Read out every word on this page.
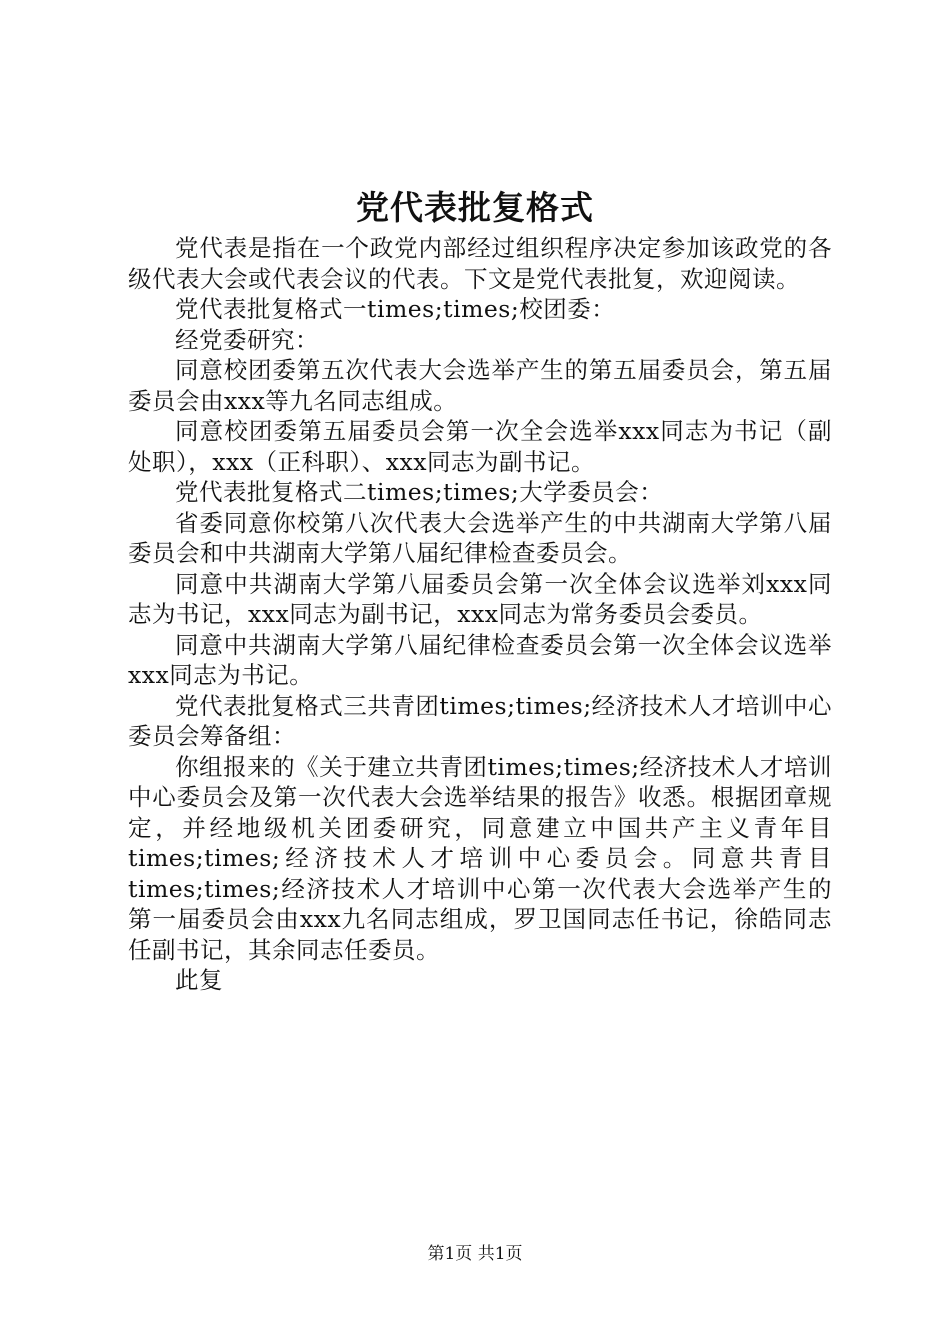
党代表批复格式

党代表是指在一个政党内部经过组织程序决定参加该政党的各级代表大会或代表会议的代表。下文是党代表批复，欢迎阅读。

党代表批复格式一times;times;校团委：

经党委研究：

同意校团委第五次代表大会选举产生的第五届委员会，第五届委员会由xxx等九名同志组成。

同意校团委第五届委员会第一次全会选举xxx同志为书记（副处职），xxx（正科职）、xxx同志为副书记。

党代表批复格式二times;times;大学委员会：

省委同意你校第八次代表大会选举产生的中共湖南大学第八届委员会和中共湖南大学第八届纪律检查委员会。

同意中共湖南大学第八届委员会第一次全体会议选举刘xxx同志为书记，xxx同志为副书记，xxx同志为常务委员会委员。

同意中共湖南大学第八届纪律检查委员会第一次全体会议选举xxx同志为书记。

党代表批复格式三共青团times;times;经济技术人才培训中心委员会筹备组：

你组报来的《关于建立共青团times;times;经济技术人才培训中心委员会及第一次代表大会选举结果的报告》收悉。根据团章规定，并经地级机关团委研究，同意建立中国共产主义青年目times;times;经济技术人才培训中心委员会。同意共青目times;times;经济技术人才培训中心第一次代表大会选举产生的第一届委员会由xxx九名同志组成，罗卫国同志任书记，徐皓同志任副书记，其余同志任委员。

此复

第1页 共1页
